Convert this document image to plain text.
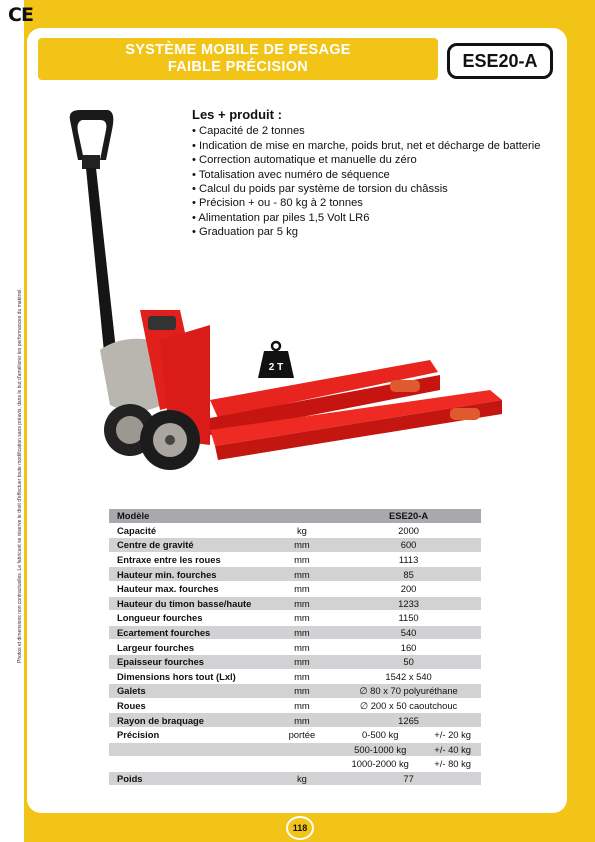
CE
Photos et dimensions non contractuelles. Le fabricant se réserve le droit d'effectuer toute modification sans préavis, dans le but d'améliorer les performances du matériel.
SYSTÈME MOBILE DE PESAGE
FAIBLE PRÉCISION	ESE20-A
2 T
Les + produit :
• Capacité de 2 tonnes
• Indication de mise en marche, poids brut, net et décharge de batterie
• Correction automatique et manuelle du zéro
• Totalisation avec numéro de séquence
• Calcul du poids par système de torsion du châssis
• Précision + ou - 80 kg à 2 tonnes
• Alimentation par piles 1,5 Volt LR6
• Graduation par 5 kg
Modèle		ESE20-A	
Capacité	kg	2000	
Centre de gravité	mm	600	
Entraxe entre les roues	mm	1113	
Hauteur min. fourches	mm	85	
Hauteur max. fourches	mm	200	
Hauteur du timon basse/haute	mm	1233	
Longueur fourches	mm	1150	
Ecartement fourches	mm	540	
Largeur fourches	mm	160	
Epaisseur fourches	mm	50	
Dimensions hors tout (Lxl)	mm	1542 x 540	
Galets	mm	∅ 80 x 70 polyuréthane	
Roues	mm	∅ 200 x 50 caoutchouc	
Rayon de braquage	mm	1265	
Précision	portée	0-500 kg	+/- 20 kg
		500-1000 kg	+/- 40 kg
		1000-2000 kg	+/- 80 kg
Poids	kg	77	
118
